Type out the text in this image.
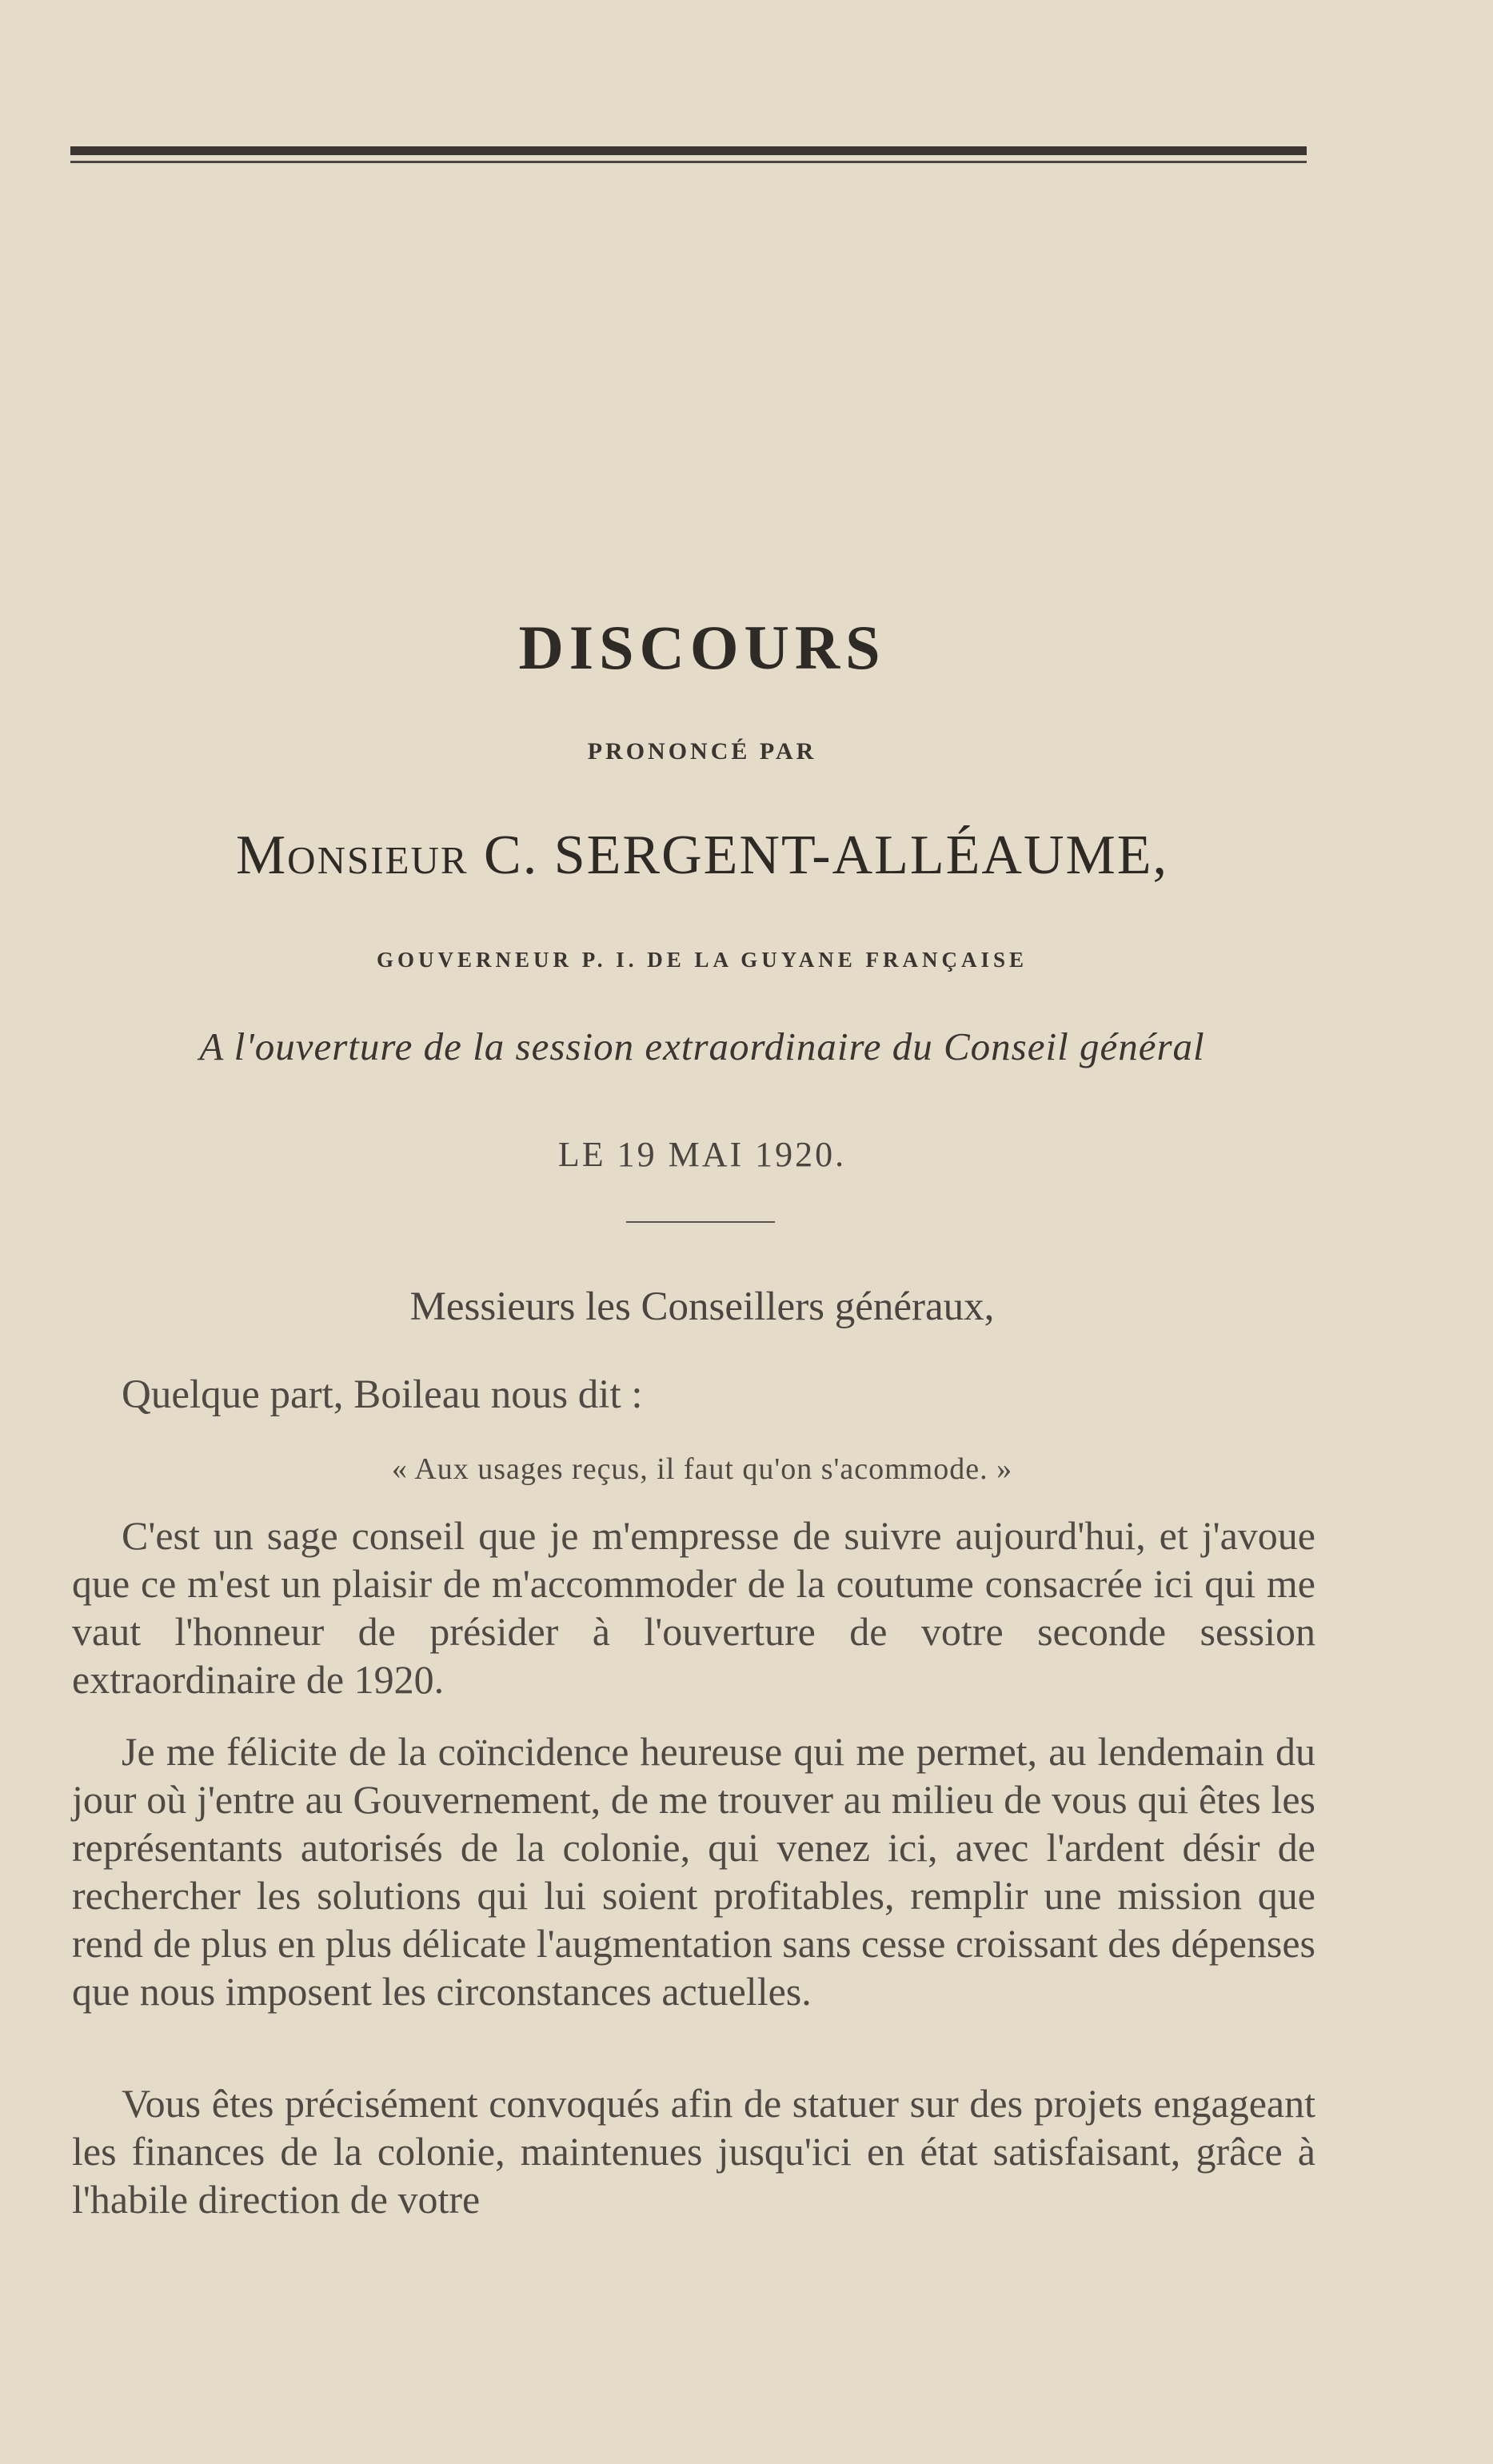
DISCOURS
PRONONCÉ PAR
Monsieur C. SERGENT-ALLÉAUME,
GOUVERNEUR P. I. DE LA GUYANE FRANÇAISE
A l'ouverture de la session extraordinaire du Conseil général
LE 19 MAI 1920.
Messieurs les Conseillers généraux,
Quelque part, Boileau nous dit :
« Aux usages reçus, il faut qu'on s'acommode. »

C'est un sage conseil que je m'empresse de suivre aujourd'hui, et j'avoue que ce m'est un plaisir de m'accommoder de la coutume consacrée ici qui me vaut l'honneur de présider à l'ouverture de votre seconde session extraordinaire de 1920.

Je me félicite de la coïncidence heureuse qui me permet, au lendemain du jour où j'entre au Gouvernement, de me trouver au milieu de vous qui êtes les représentants autorisés de la colonie, qui venez ici, avec l'ardent désir de rechercher les solutions qui lui soient profitables, remplir une mission que rend de plus en plus délicate l'augmentation sans cesse croissant des dépenses que nous imposent les circonstances actuelles.

Vous êtes précisément convoqués afin de statuer sur des projets engageant les finances de la colonie, maintenues jusqu'ici en état satisfaisant, grâce à l'habile direction de votre
